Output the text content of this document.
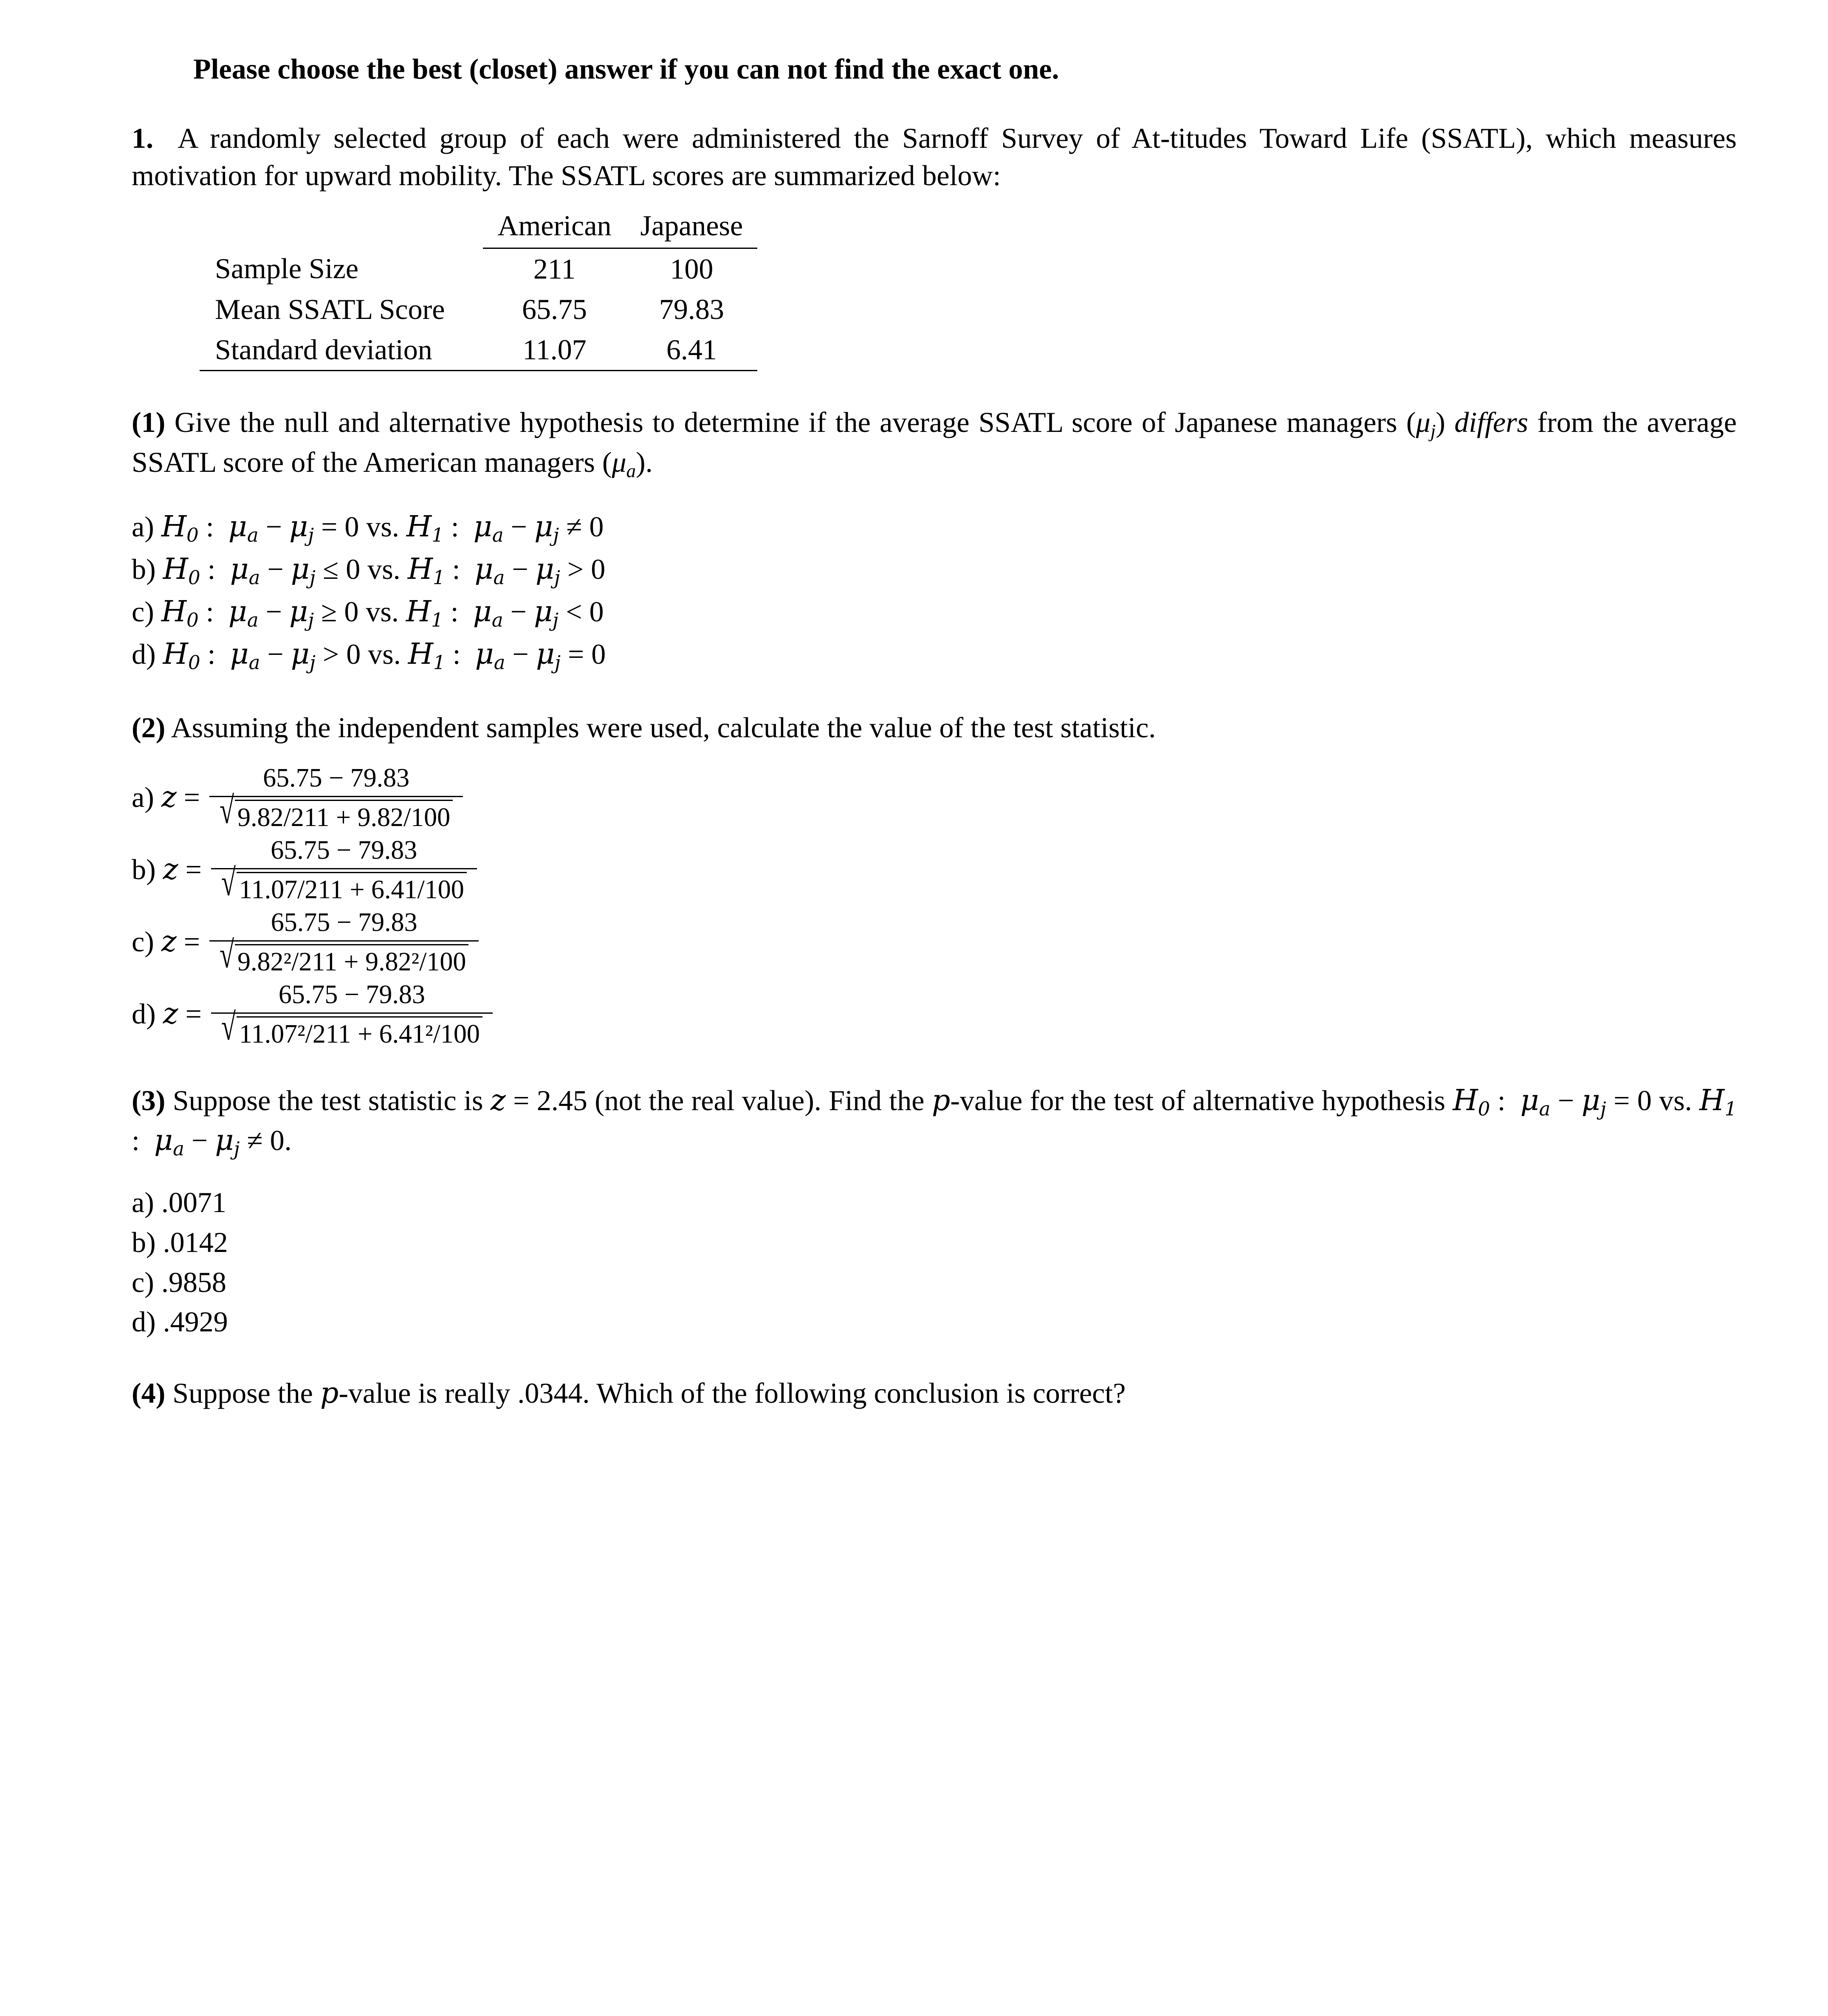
Please choose the best (closet) answer if you can not find the exact one.

1. A randomly selected group of each were administered the Sarnoff Survey of At-titudes Toward Life (SSATL), which measures motivation for upward mobility. The SSATL scores are summarized below:

	American	Japanese
Sample Size	211	100
Mean SSATL Score	65.75	79.83
Standard deviation	11.07	6.41

(1) Give the null and alternative hypothesis to determine if the average SSATL score of Japanese managers $(\mu_j)$ differs from the average SSATL score of the American managers $(\mu_a)$.

a) $H_0$ :  $\mu_a - \mu_j = 0$ vs. $H_1$ :  $\mu_a - \mu_j \ne 0$

b) $H_0$ :  $\mu_a - \mu_j \le 0$ vs. $H_1$ :  $\mu_a - \mu_j > 0$

c) $H_0$ :  $\mu_a - \mu_j \ge 0$ vs. $H_1$ :  $\mu_a - \mu_j < 0$

d) $H_0$ :  $\mu_a - \mu_j > 0$ vs. $H_1$ :  $\mu_a - \mu_j = 0$

(2) Assuming the independent samples were used, calculate the value of the test statistic.

a) $z = \frac{65.75 - 79.83}{√ 9.82/211 + 9.82/100}$
b) $z = \frac{65.75 - 79.83}{√ 11.07/211 + 6.41/100}$
c) $z = \frac{65.75 - 79.83}{\text{√ 9.82²/211 + 9.82²/100}}$
d) $z = \frac{65.75 - 79.83}{\text{√ 11.07²/211 + 6.41²/100}}$

(3) Suppose the test statistic is z = 2.45 (not the real value). Find the p-value for the test of alternative hypothesis $H_0$ :  $\mu_a - \mu_j = 0$ vs. $H_1$ :  $\mu_a - \mu_j \ne 0$.

a) .0071

b) .0142

c) .9858

d) .4929

(4) Suppose the p-value is really .0344. Which of the following conclusion is correct?
